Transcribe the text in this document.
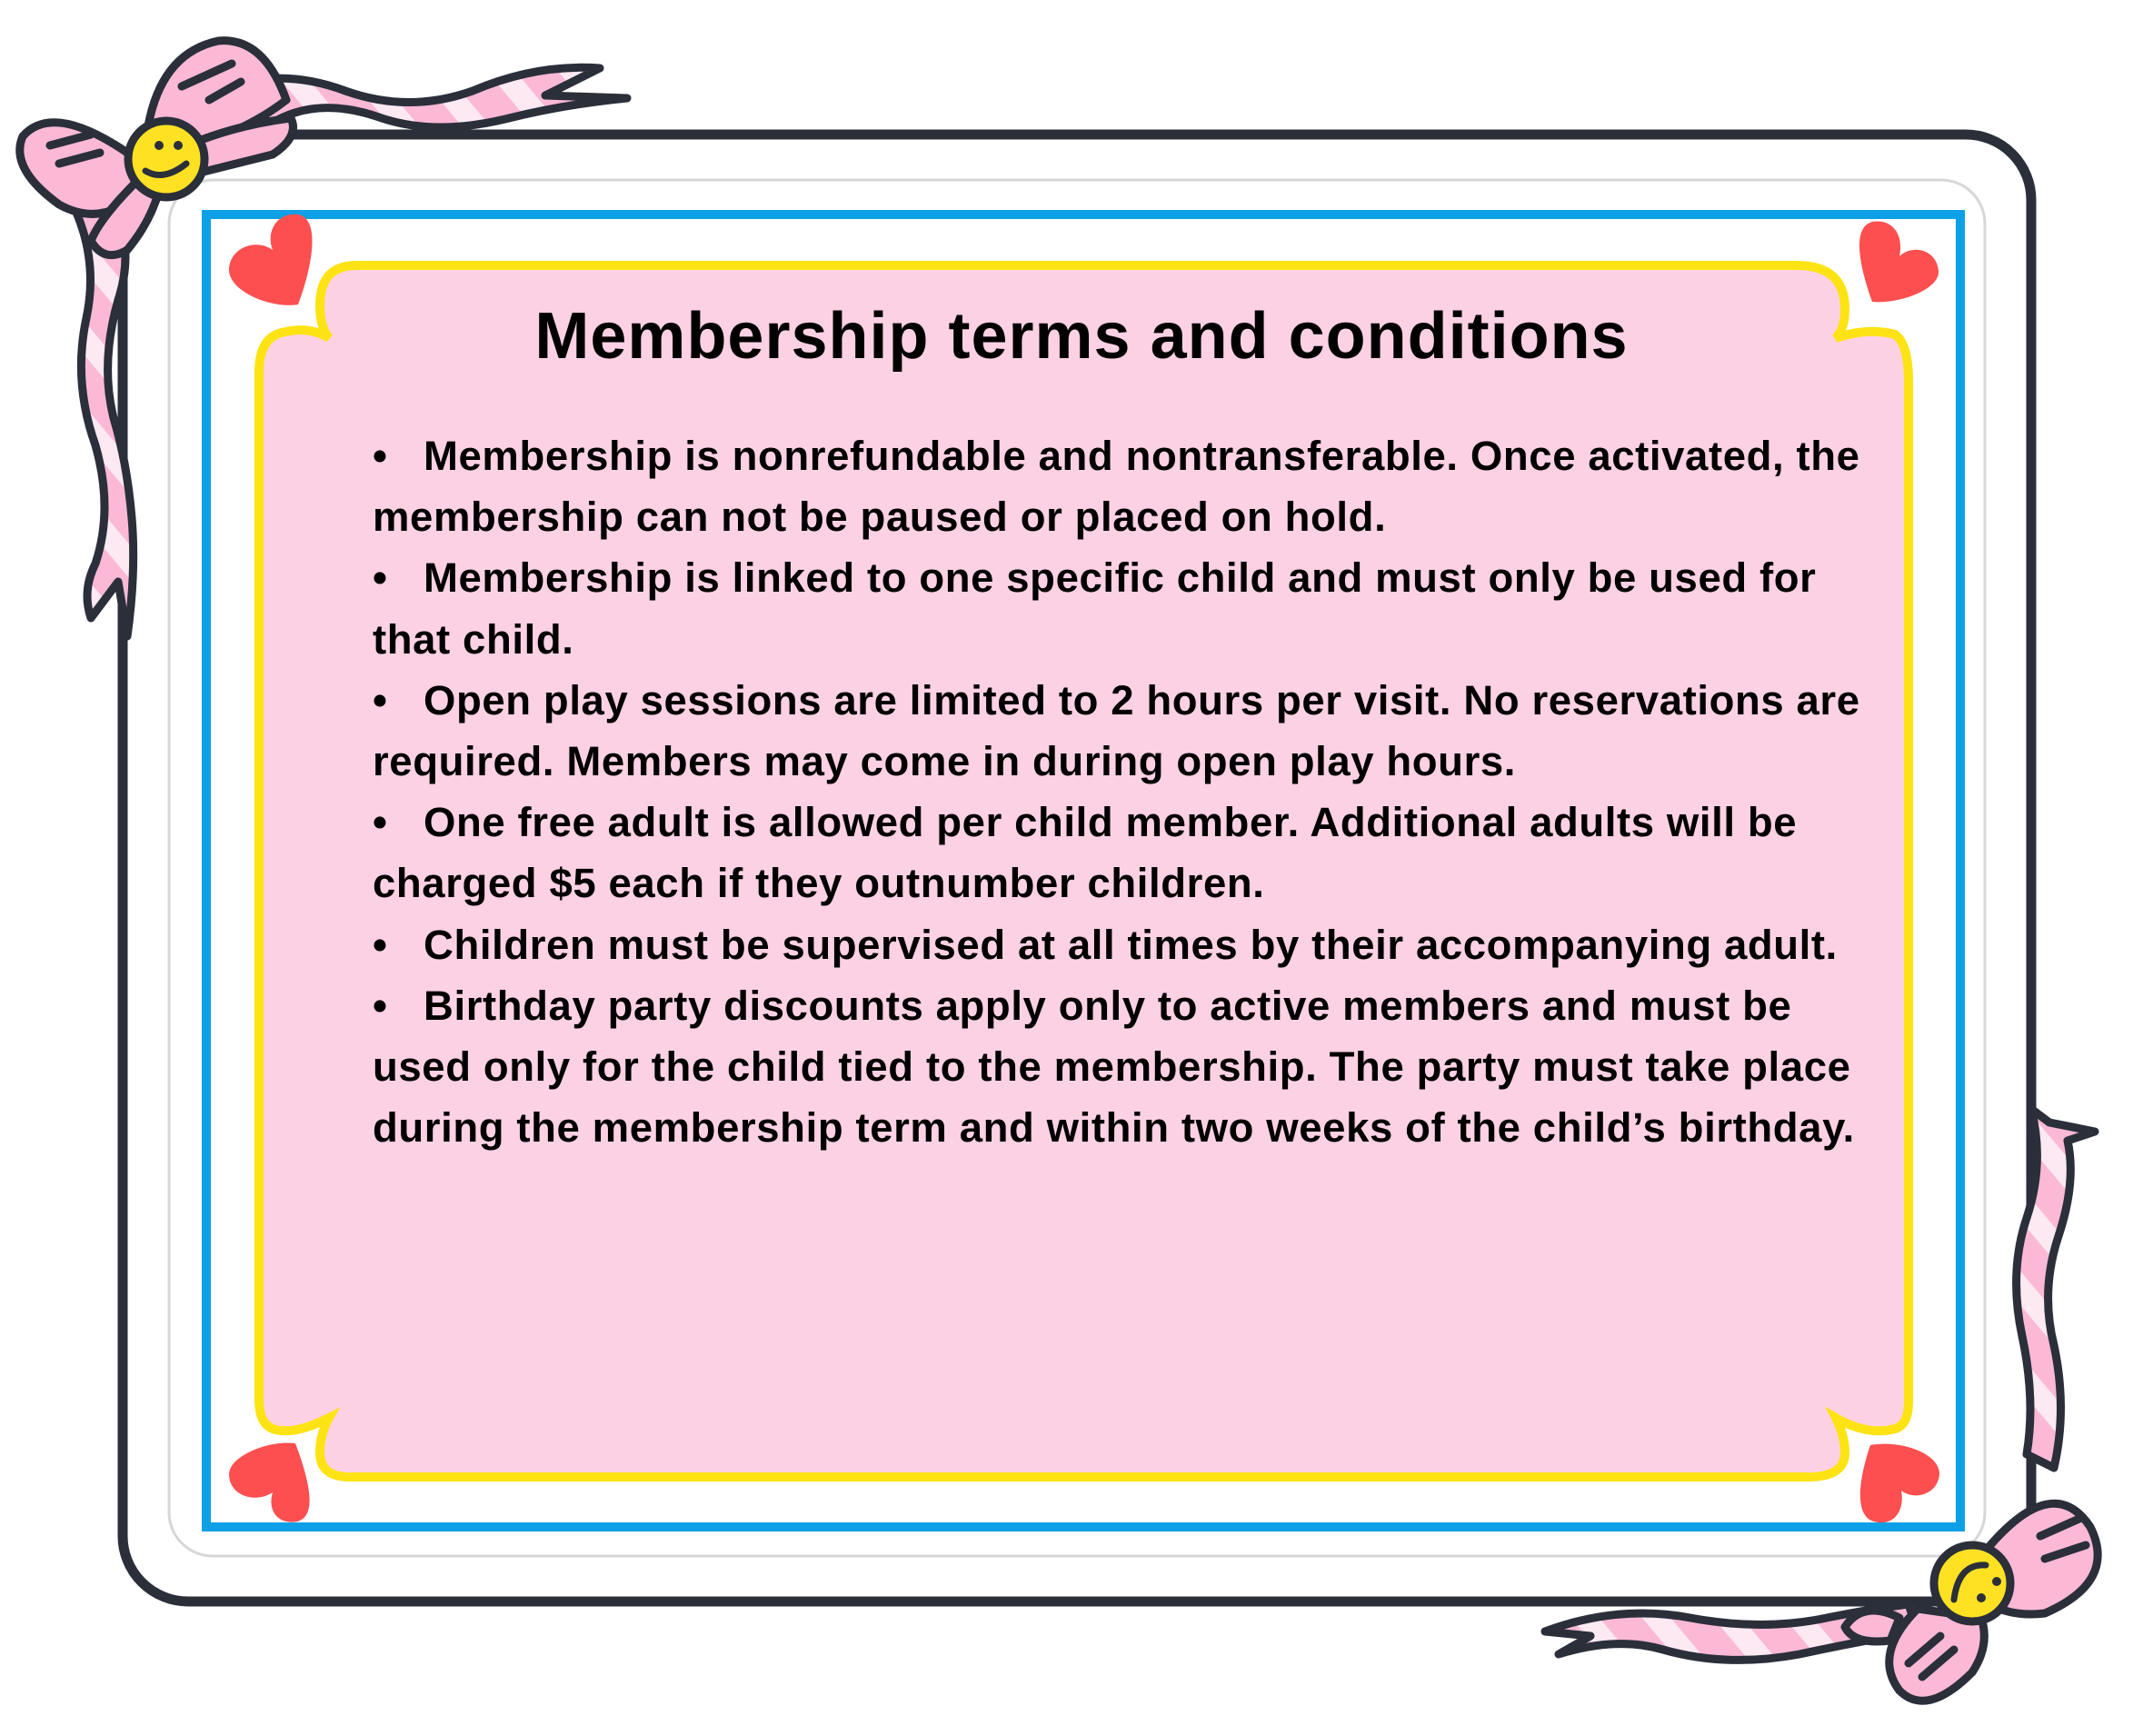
Membership terms and conditions
• Membership is nonrefundable and nontransferable. Once activated, the membership can not be paused or placed on hold.
• Membership is linked to one specific child and must only be used for that child.
• Open play sessions are limited to 2 hours per visit. No reservations are required. Members may come in during open play hours.
• One free adult is allowed per child member. Additional adults will be charged $5 each if they outnumber children.
• Children must be supervised at all times by their accompanying adult.
• Birthday party discounts apply only to active members and must be used only for the child tied to the membership. The party must take place during the membership term and within two weeks of the child’s birthday.
